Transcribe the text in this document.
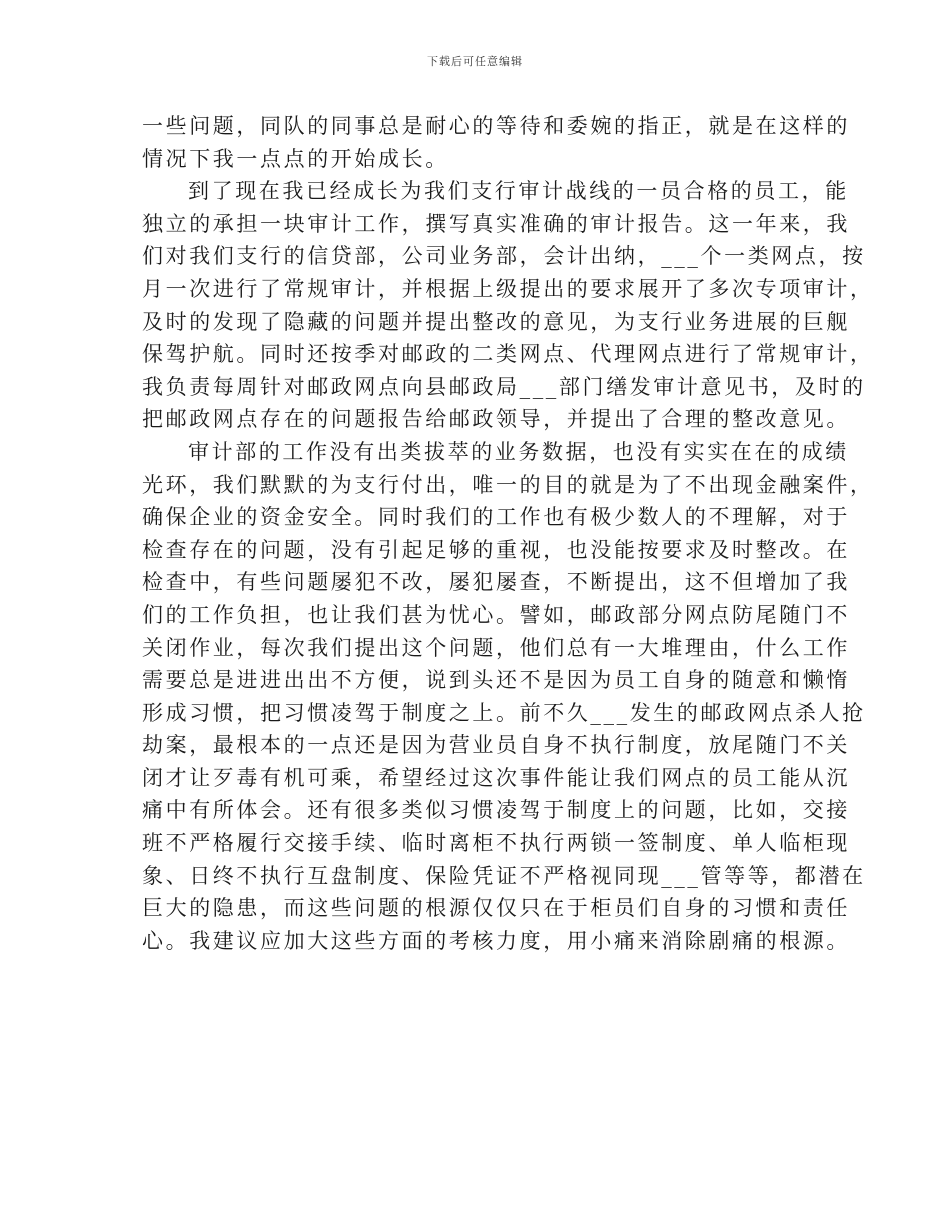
下载后可任意编辑

一些问题，同队的同事总是耐心的等待和委婉的指正，就是在这样的
情况下我一点点的开始成长。

到了现在我已经成长为我们支行审计战线的一员合格的员工，能
独立的承担一块审计工作，撰写真实准确的审计报告。这一年来，我
们对我们支行的信贷部，公司业务部，会计出纳，___个一类网点，按
月一次进行了常规审计，并根据上级提出的要求展开了多次专项审计，
及时的发现了隐藏的问题并提出整改的意见，为支行业务进展的巨舰
保驾护航。同时还按季对邮政的二类网点、代理网点进行了常规审计，
我负责每周针对邮政网点向县邮政局___部门缮发审计意见书，及时的
把邮政网点存在的问题报告给邮政领导，并提出了合理的整改意见。

审计部的工作没有出类拔萃的业务数据，也没有实实在在的成绩
光环，我们默默的为支行付出，唯一的目的就是为了不出现金融案件，
确保企业的资金安全。同时我们的工作也有极少数人的不理解，对于
检查存在的问题，没有引起足够的重视，也没能按要求及时整改。在
检查中，有些问题屡犯不改，屡犯屡查，不断提出，这不但增加了我
们的工作负担，也让我们甚为忧心。譬如，邮政部分网点防尾随门不
关闭作业，每次我们提出这个问题，他们总有一大堆理由，什么工作
需要总是进进出出不方便，说到头还不是因为员工自身的随意和懒惰
形成习惯，把习惯凌驾于制度之上。前不久___发生的邮政网点杀人抢
劫案，最根本的一点还是因为营业员自身不执行制度，放尾随门不关
闭才让歹毒有机可乘，希望经过这次事件能让我们网点的员工能从沉
痛中有所体会。还有很多类似习惯凌驾于制度上的问题，比如，交接
班不严格履行交接手续、临时离柜不执行两锁一签制度、单人临柜现
象、日终不执行互盘制度、保险凭证不严格视同现___管等等，都潜在
巨大的隐患，而这些问题的根源仅仅只在于柜员们自身的习惯和责任
心。我建议应加大这些方面的考核力度，用小痛来消除剧痛的根源。
